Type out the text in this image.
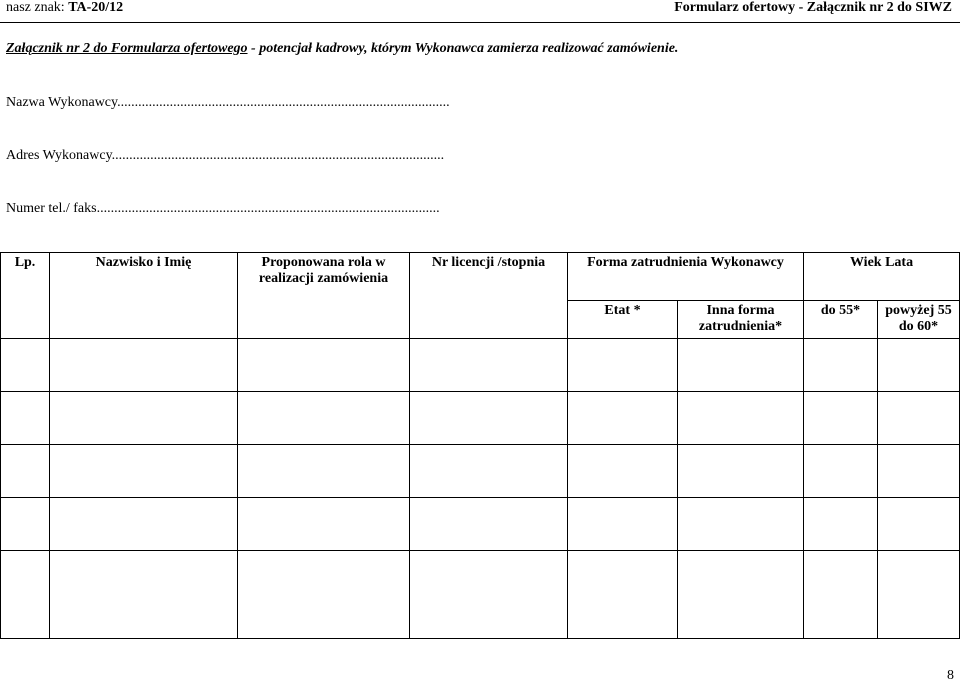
nasz znak: TA-20/12	Formularz ofertowy - Załącznik nr 2 do SIWZ
Załącznik nr 2 do Formularza ofertowego - potencjał kadrowy, którym Wykonawca zamierza realizować zamówienie.
Nazwa Wykonawcy...............................................................................................
Adres Wykonawcy...............................................................................................
Numer tel./ faks..................................................................................................
Lp.	Nazwisko i Imię	Proponowana rola w realizacji zamówienia	Nr licencji /stopnia	Forma zatrudnienia Wykonawcy		Wiek Lata	
				Etat *	Inna forma zatrudnienia*	do 55*	powyżej 55 do 60*

8
